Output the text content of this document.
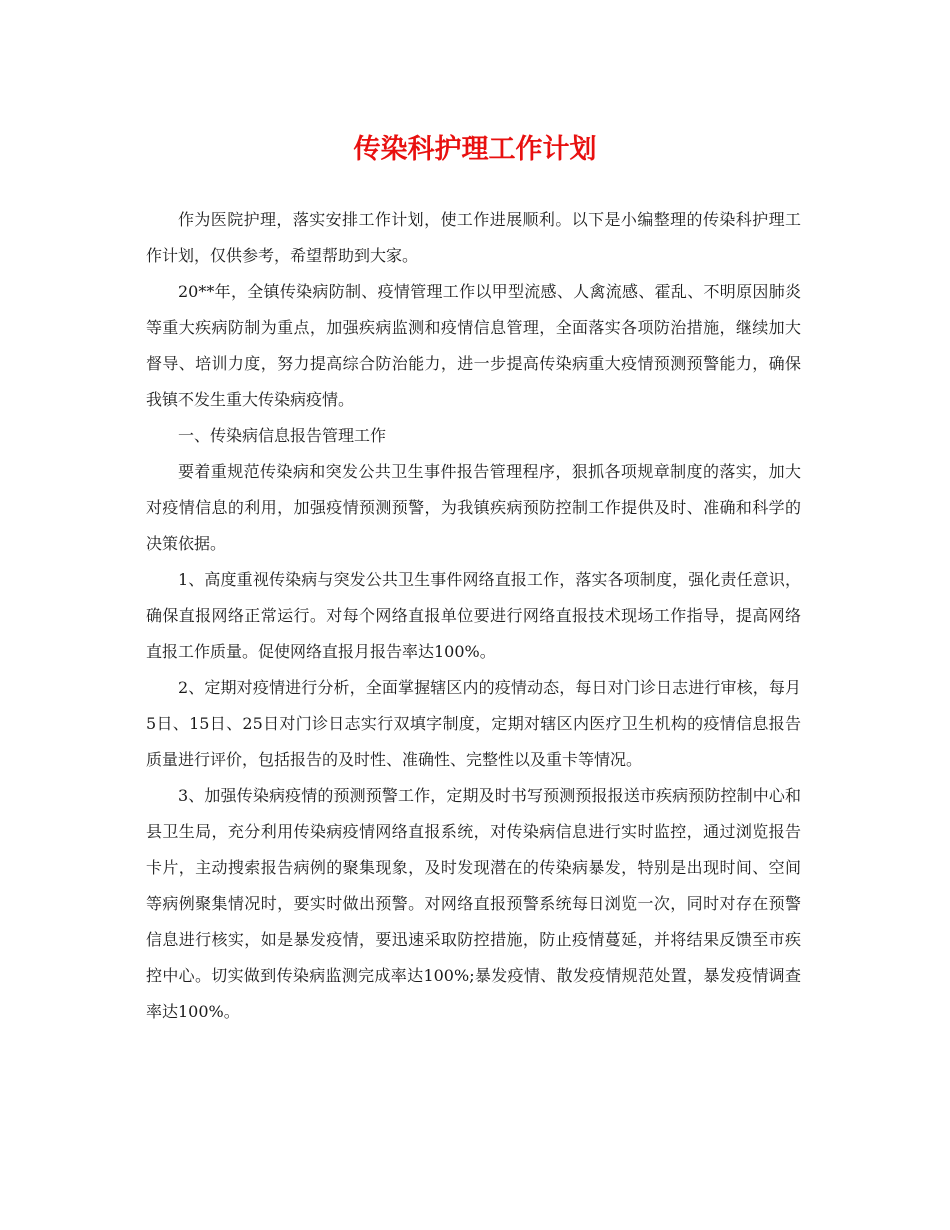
传染科护理工作计划

作为医院护理，落实安排工作计划，使工作进展顺利。以下是小编整理的传染科护理工作计划，仅供参考，希望帮助到大家。

20**年，全镇传染病防制、疫情管理工作以甲型流感、人禽流感、霍乱、不明原因肺炎等重大疾病防制为重点，加强疾病监测和疫情信息管理，全面落实各项防治措施，继续加大督导、培训力度，努力提高综合防治能力，进一步提高传染病重大疫情预测预警能力，确保我镇不发生重大传染病疫情。

一、传染病信息报告管理工作

要着重规范传染病和突发公共卫生事件报告管理程序，狠抓各项规章制度的落实，加大对疫情信息的利用，加强疫情预测预警，为我镇疾病预防控制工作提供及时、准确和科学的决策依据。

1、高度重视传染病与突发公共卫生事件网络直报工作，落实各项制度，强化责任意识，确保直报网络正常运行。对每个网络直报单位要进行网络直报技术现场工作指导，提高网络直报工作质量。促使网络直报月报告率达100%。

2、定期对疫情进行分析，全面掌握辖区内的疫情动态，每日对门诊日志进行审核，每月5日、15日、25日对门诊日志实行双填字制度，定期对辖区内医疗卫生机构的疫情信息报告质量进行评价，包括报告的及时性、准确性、完整性以及重卡等情况。

3、加强传染病疫情的预测预警工作，定期及时书写预测预报报送市疾病预防控制中心和县卫生局，充分利用传染病疫情网络直报系统，对传染病信息进行实时监控，通过浏览报告卡片，主动搜索报告病例的聚集现象，及时发现潜在的传染病暴发，特别是出现时间、空间等病例聚集情况时，要实时做出预警。对网络直报预警系统每日浏览一次，同时对存在预警信息进行核实，如是暴发疫情，要迅速采取防控措施，防止疫情蔓延，并将结果反馈至市疾控中心。切实做到传染病监测完成率达100%;暴发疫情、散发疫情规范处置，暴发疫情调查率达100%。
